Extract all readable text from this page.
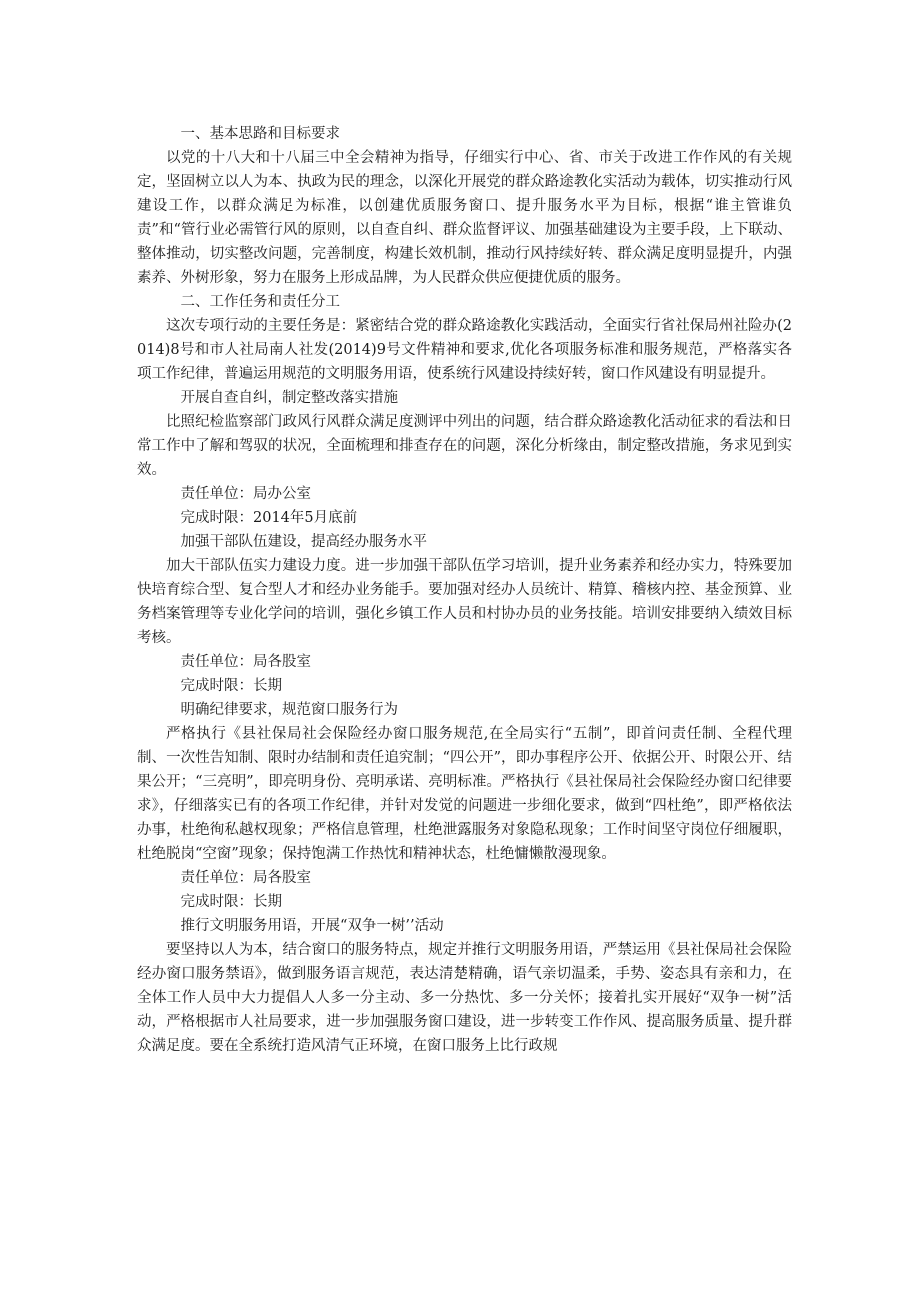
一、基本思路和目标要求
以党的十八大和十八届三中全会精神为指导，仔细实行中心、省、市关于改进工作作风的有关规定，坚固树立以人为本、执政为民的理念，以深化开展党的群众路途教化实活动为载体，切实推动行风建设工作，以群众满足为标准，以创建优质服务窗口、提升服务水平为目标，根据“谁主管谁负责”和“管行业必需管行风的原则，以自查自纠、群众监督评议、加强基础建设为主要手段，上下联动、整体推动，切实整改问题，完善制度，构建长效机制，推动行风持续好转、群众满足度明显提升，内强素养、外树形象，努力在服务上形成品牌，为人民群众供应便捷优质的服务。
二、工作任务和责任分工
这次专项行动的主要任务是：紧密结合党的群众路途教化实践活动，全面实行省社保局州社险办(2014)8号和市人社局南人社发(2014)9号文件精神和要求,优化各项服务标准和服务规范，严格落实各项工作纪律，普遍运用规范的文明服务用语，使系统行风建设持续好转，窗口作风建设有明显提升。
开展自查自纠，制定整改落实措施
比照纪检监察部门政风行风群众满足度测评中列出的问题，结合群众路途教化活动征求的看法和日常工作中了解和驾驭的状况，全面梳理和排查存在的问题，深化分析缘由，制定整改措施，务求见到实效。
责任单位：局办公室
完成时限：2014年5月底前
加强干部队伍建设，提高经办服务水平
加大干部队伍实力建设力度。进一步加强干部队伍学习培训，提升业务素养和经办实力，特殊要加快培育综合型、复合型人才和经办业务能手。要加强对经办人员统计、精算、稽核内控、基金预算、业务档案管理等专业化学问的培训，强化乡镇工作人员和村协办员的业务技能。培训安排要纳入绩效目标考核。
责任单位：局各股室
完成时限：长期
明确纪律要求，规范窗口服务行为
严格执行《县社保局社会保险经办窗口服务规范,在全局实行“五制”，即首问责任制、全程代理制、一次性告知制、限时办结制和责任追究制；“四公开”，即办事程序公开、依据公开、时限公开、结果公开；“三亮明”，即亮明身份、亮明承诺、亮明标准。严格执行《县社保局社会保险经办窗口纪律要求》，仔细落实已有的各项工作纪律，并针对发觉的问题进一步细化要求，做到“四杜绝”，即严格依法办事，杜绝徇私越权现象；严格信息管理，杜绝泄露服务对象隐私现象；工作时间坚守岗位仔细履职，杜绝脱岗“空窗”现象；保持饱满工作热忱和精神状态，杜绝慵懒散漫现象。
责任单位：局各股室
完成时限：长期
推行文明服务用语，开展“双争一树’’活动
要坚持以人为本，结合窗口的服务特点，规定并推行文明服务用语，严禁运用《县社保局社会保险经办窗口服务禁语》，做到服务语言规范，表达清楚精确，语气亲切温柔，手势、姿态具有亲和力，在全体工作人员中大力提倡人人多一分主动、多一分热忱、多一分关怀；接着扎实开展好“双争一树”活动，严格根据市人社局要求，进一步加强服务窗口建设，进一步转变工作作风、提高服务质量、提升群众满足度。要在全系统打造风清气正环境，在窗口服务上比行政规
